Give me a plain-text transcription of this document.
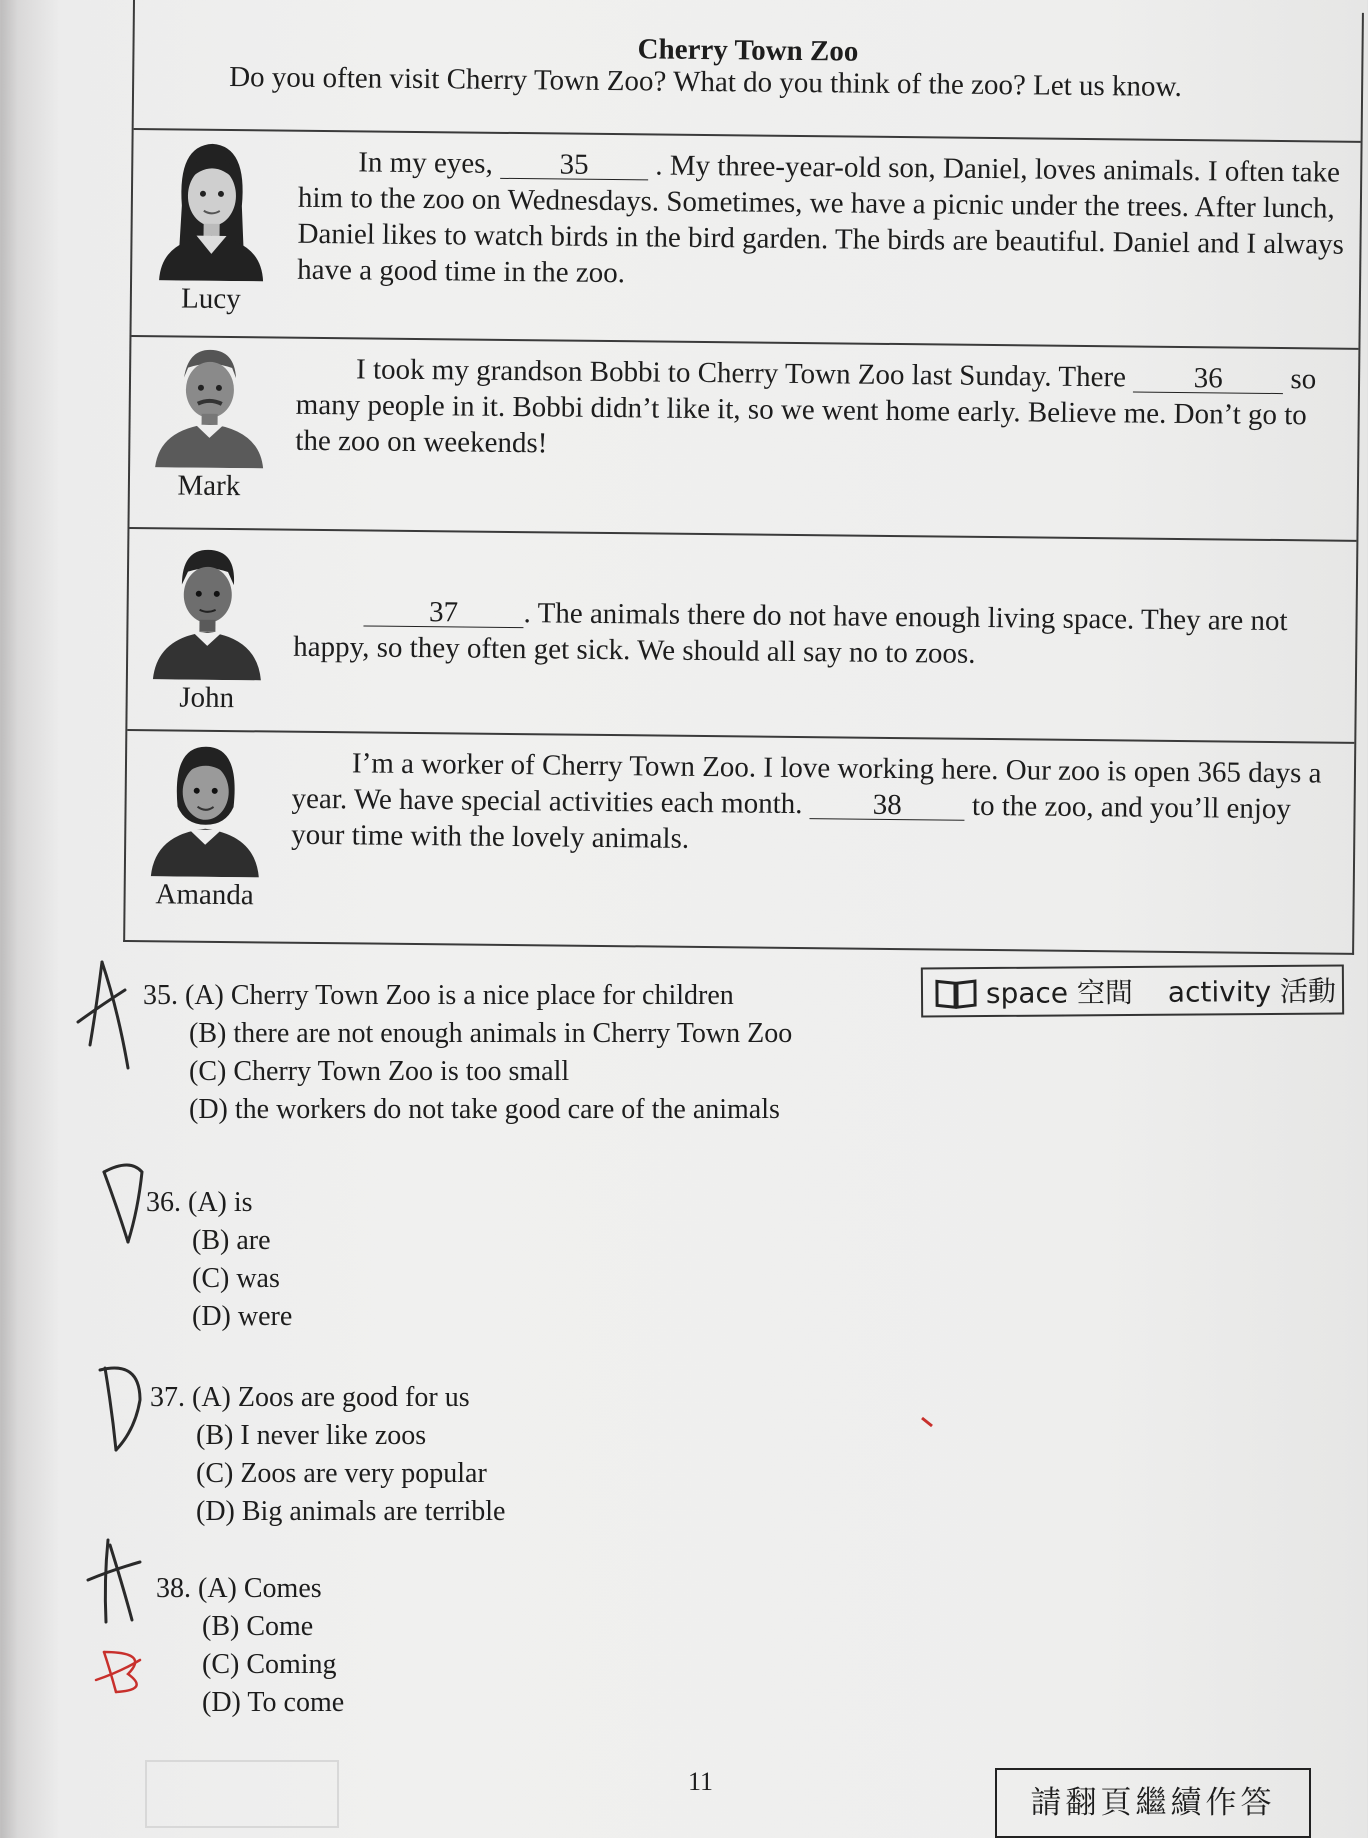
Cherry Town Zoo
Do you often visit Cherry Town Zoo? What do you think of the zoo? Let us know.
Lucy
In my eyes, 35 . My three-year-old son, Daniel, loves animals. I often take him to the zoo on Wednesdays. Sometimes, we have a picnic under the trees. After lunch, Daniel likes to watch birds in the bird garden. The birds are beautiful. Daniel and I always have a good time in the zoo.
Mark
I took my grandson Bobbi to Cherry Town Zoo last Sunday. There 36 so many people in it. Bobbi didn’t like it, so we went home early. Believe me. Don’t go to the zoo on weekends!
John
37 . The animals there do not have enough living space. They are not happy, so they often get sick. We should all say no to zoos.
Amanda
I’m a worker of Cherry Town Zoo. I love working here. Our zoo is open 365 days a year. We have special activities each month. 38 to the zoo, and you’ll enjoy your time with the lovely animals.
space 空間 activity 活動
35. (A) Cherry Town Zoo is a nice place for children
(B) there are not enough animals in Cherry Town Zoo
(C) Cherry Town Zoo is too small
(D) the workers do not take good care of the animals
36. (A) is
(B) are
(C) was
(D) were
37. (A) Zoos are good for us
(B) I never like zoos
(C) Zoos are very popular
(D) Big animals are terrible
38. (A) Comes
(B) Come
(C) Coming
(D) To come
11
請翻頁繼續作答
